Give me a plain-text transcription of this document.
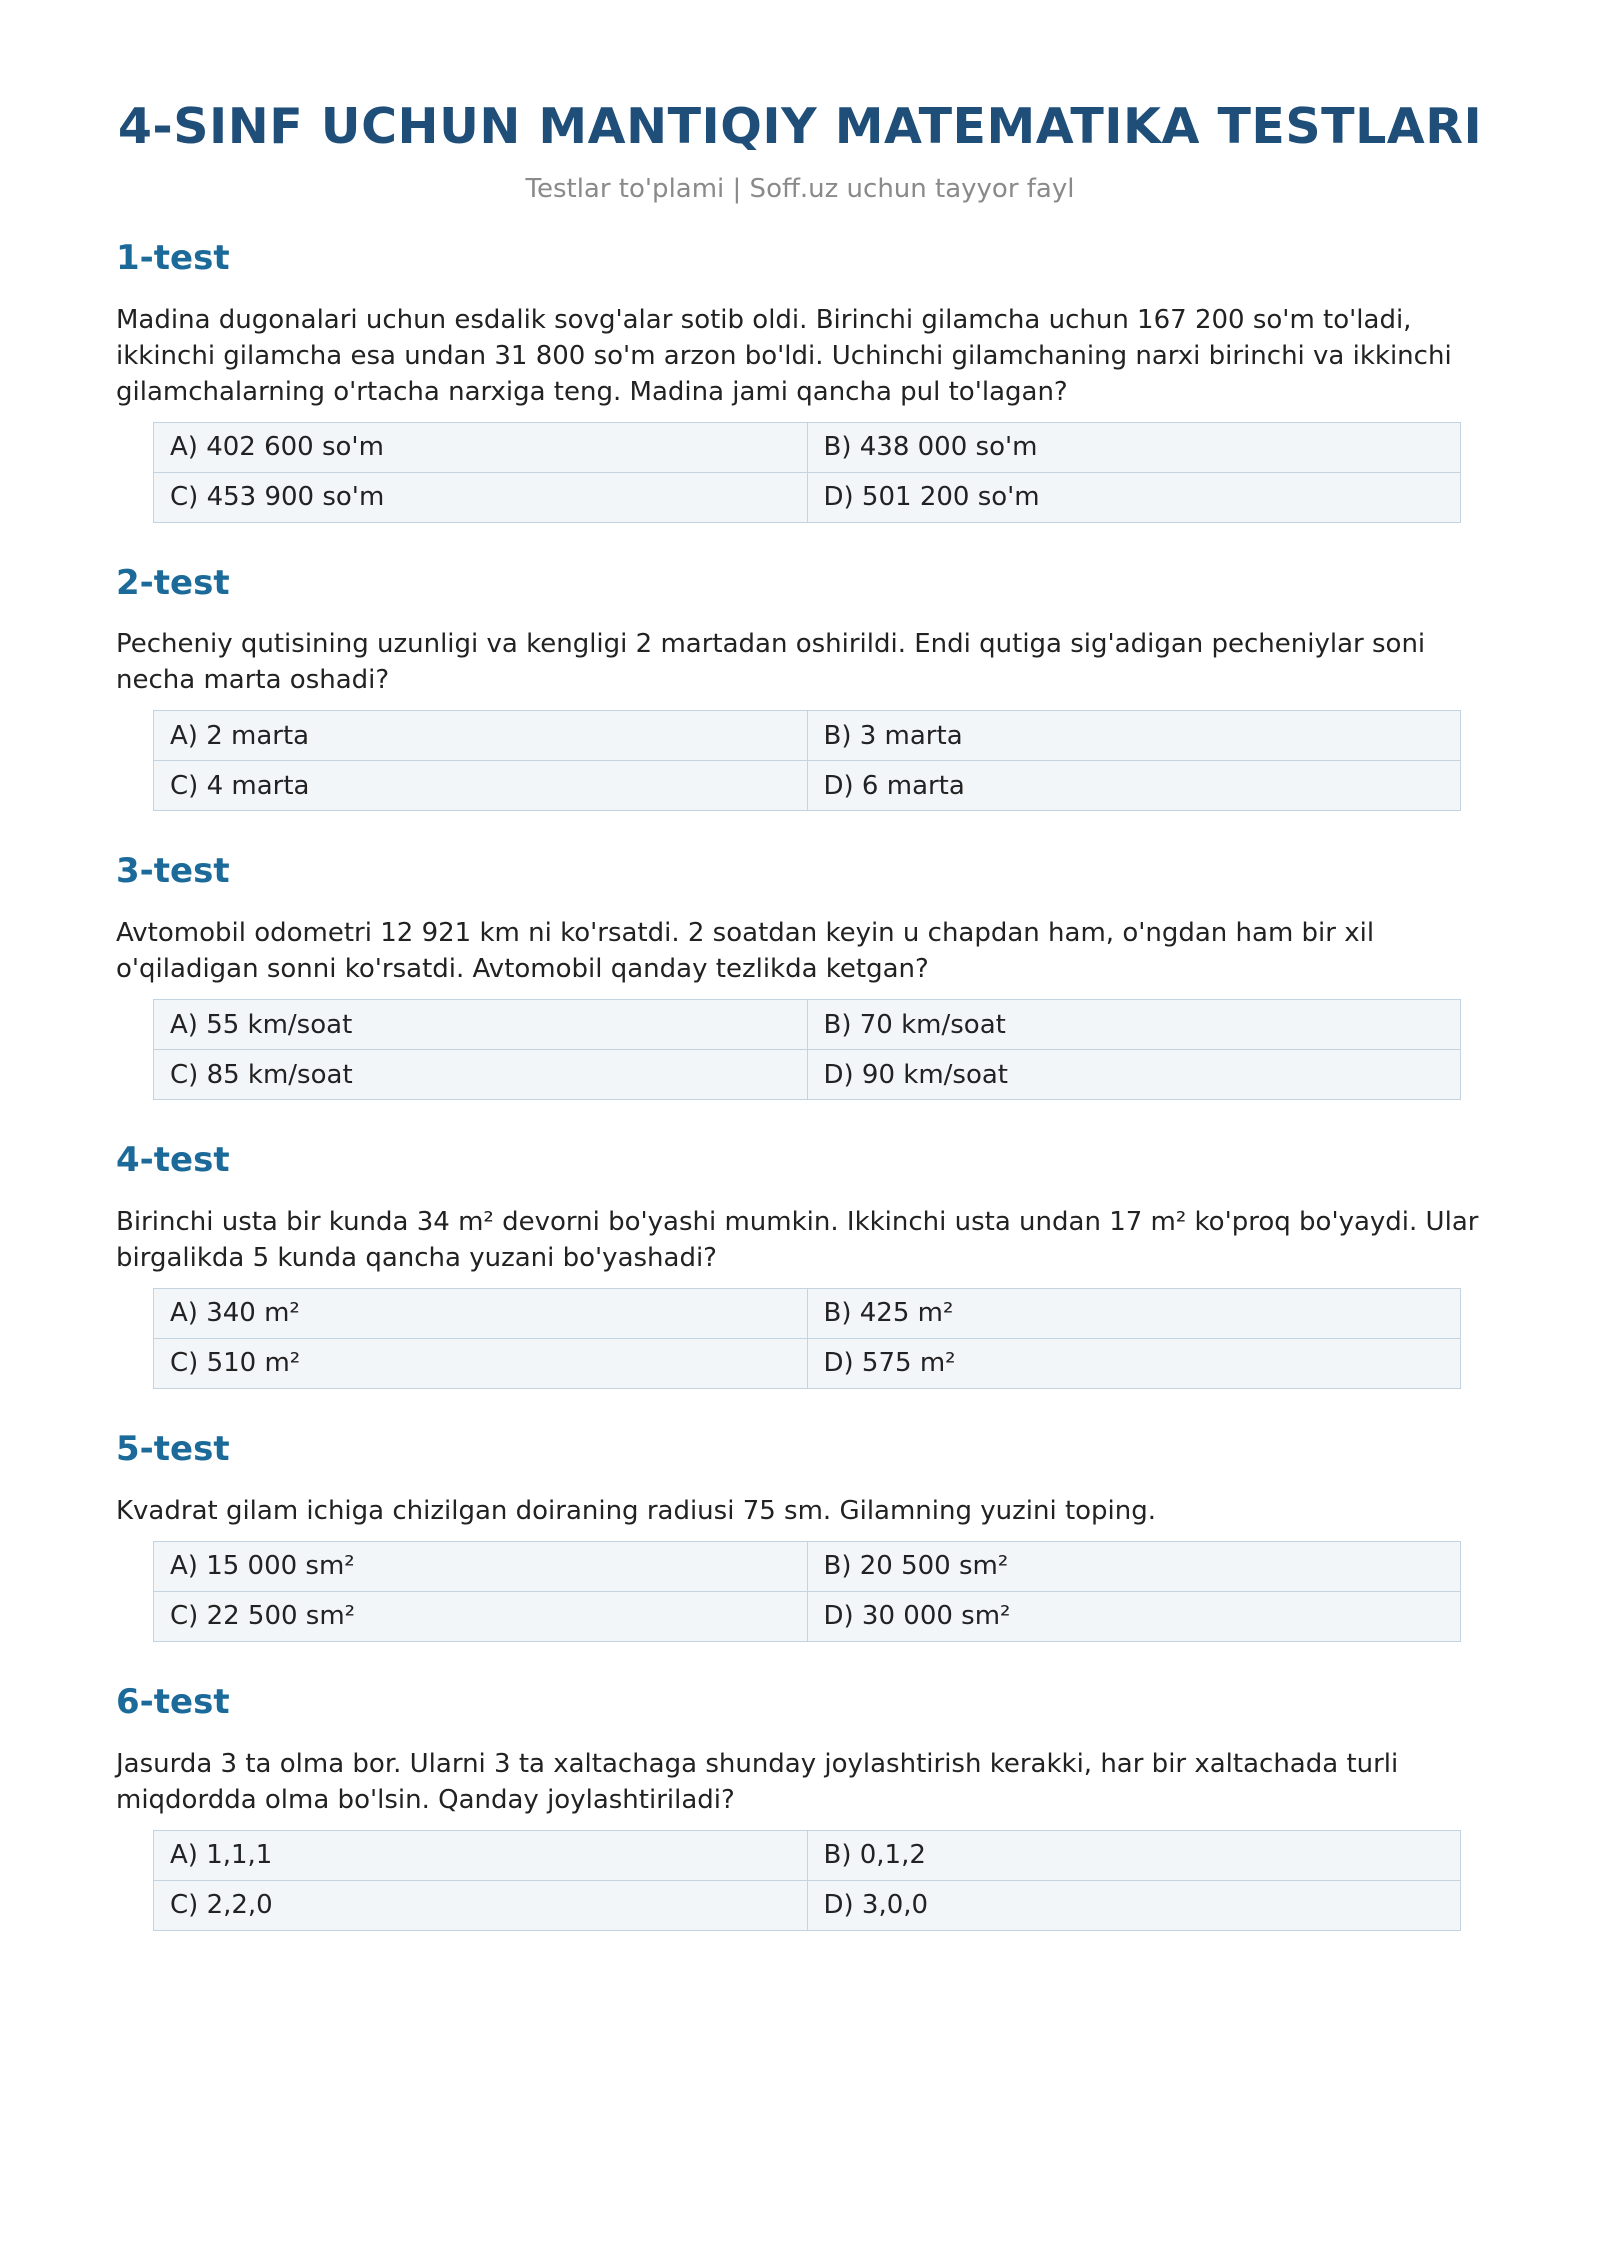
4-SINF UCHUN MANTIQIY MATEMATIKA TESTLARI
Testlar to'plami | Soff.uz uchun tayyor fayl
1-test
Madina dugonalari uchun esdalik sovg'alar sotib oldi. Birinchi gilamcha uchun 167 200 so'm to'ladi, ikkinchi gilamcha esa undan 31 800 so'm arzon bo'ldi. Uchinchi gilamchaning narxi birinchi va ikkinchi gilamchalarning o'rtacha narxiga teng. Madina jami qancha pul to'lagan?
A) 402 600 so'm	B) 438 000 so'm
C) 453 900 so'm	D) 501 200 so'm
2-test
Pecheniy qutisining uzunligi va kengligi 2 martadan oshirildi. Endi qutiga sig'adigan pecheniylar soni necha marta oshadi?
A) 2 marta	B) 3 marta
C) 4 marta	D) 6 marta
3-test
Avtomobil odometri 12 921 km ni ko'rsatdi. 2 soatdan keyin u chapdan ham, o'ngdan ham bir xil o'qiladigan sonni ko'rsatdi. Avtomobil qanday tezlikda ketgan?
A) 55 km/soat	B) 70 km/soat
C) 85 km/soat	D) 90 km/soat
4-test
Birinchi usta bir kunda 34 m² devorni bo'yashi mumkin. Ikkinchi usta undan 17 m² ko'proq bo'yaydi. Ular birgalikda 5 kunda qancha yuzani bo'yashadi?
A) 340 m²	B) 425 m²
C) 510 m²	D) 575 m²
5-test
Kvadrat gilam ichiga chizilgan doiraning radiusi 75 sm. Gilamning yuzini toping.
A) 15 000 sm²	B) 20 500 sm²
C) 22 500 sm²	D) 30 000 sm²
6-test
Jasurda 3 ta olma bor. Ularni 3 ta xaltachaga shunday joylashtirish kerakki, har bir xaltachada turli miqdordda olma bo'lsin. Qanday joylashtiriladi?
A) 1,1,1	B) 0,1,2
C) 2,2,0	D) 3,0,0
